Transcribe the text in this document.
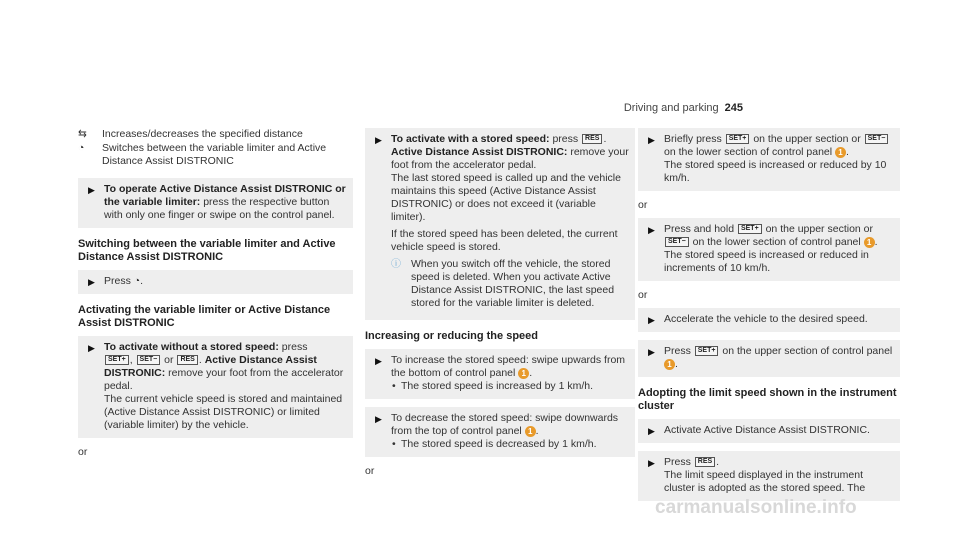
Driving and parking 245
⇆	Increases/decreases the specified distance
◔	Switches between the variable limiter and Active Distance Assist DISTRONIC
▶ To operate Active Distance Assist DISTRONIC or the variable limiter: press the respective button with only one finger or swipe on the control panel.
Switching between the variable limiter and Active Distance Assist DISTRONIC
▶ Press ◔.
Activating the variable limiter or Active Distance Assist DISTRONIC
▶ To activate without a stored speed: press
SET+ , SET− or RES . Active Distance Assist DISTRONIC: remove your foot from the accelerator pedal.
The current vehicle speed is stored and maintained (Active Distance Assist DISTRONIC) or limited (variable limiter) by the vehicle.

or

▶ To activate with a stored speed: press RES .
Active Distance Assist DISTRONIC: remove your foot from the accelerator pedal.
The last stored speed is called up and the vehicle maintains this speed (Active Distance Assist DISTRONIC) or does not exceed it (variable limiter).

If the stored speed has been deleted, the current vehicle speed is stored.

ⓘ When you switch off the vehicle, the stored speed is deleted. When you activate Active Distance Assist DISTRONIC, the last speed stored for the variable limiter is deleted.
Increasing or reducing the speed
▶ To increase the stored speed: swipe upwards from the bottom of control panel 1 .
• The stored speed is increased by 1 km/h.
▶ To decrease the stored speed: swipe downwards from the top of control panel 1 .
• The stored speed is decreased by 1 km/h.

or

▶ Briefly press SET+ on the upper section or SET− on the lower section of control panel 1 .
The stored speed is increased or reduced by 10 km/h.

or

▶ Press and hold SET+ on the upper section or SET− on the lower section of control panel 1 .
The stored speed is increased or reduced in increments of 10 km/h.

or

▶ Accelerate the vehicle to the desired speed.
▶ Press SET+ on the upper section of control panel 1 .
Adopting the limit speed shown in the instrument cluster
▶ Activate Active Distance Assist DISTRONIC.
▶ Press RES .
The limit speed displayed in the instrument cluster is adopted as the stored speed. The
carmanualsonline.info
